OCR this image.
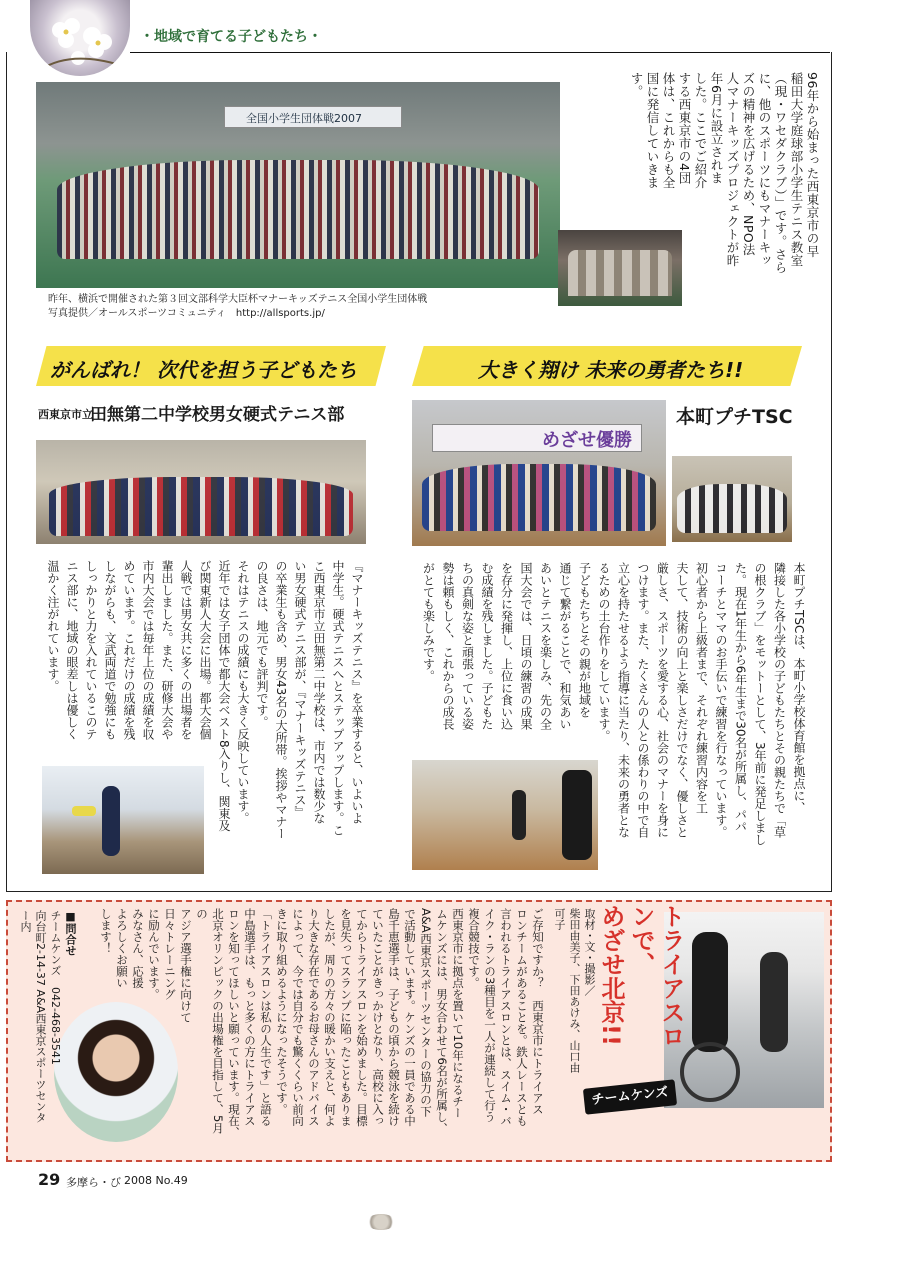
・地域で育てる子どもたち・
全国小学生団体戦2007
昨年、横浜で開催された第３回文部科学大臣杯マナーキッズテニス全国小学生団体戦
写真提供／オールスポーツコミュニティ　http://allsports.jp/
96年から始まった西東京市の早
稲田大学庭球部小学生テニス教室
（現・ワセダクラブ）」です。さら
に、他のスポーツにもマナーキッ
ズの精神を広げるため、NPO法
人マナーキッズプロジェクトが昨
年6月に設立されま
した。ここでご紹介
する西東京市の4団
体は、これからも全
国に発信していきま
す。
がんばれ！ 次代を担う子どもたち
西東京市立
田無第二中学校男女硬式テニス部
『マナーキッズテニス』を卒業すると、いよいよ
中学生。硬式テニスへとステップアップします。こ
こ西東京市立田無第二中学校は、市内では数少な
い男女硬式テニス部が、『マナーキッズテニス』
の卒業生も含め、男女43名の大所帯。挨拶やマナー
の良さは、地元でも評判です。
それはテニスの成績にも大きく反映しています。
近年では女子団体で都大会ベスト8入りし、関東及
び関東新人大会に出場。都大会個
人戦では男女共に多くの出場者を
輩出しました。また、研修大会や
市内大会では毎年上位の成績を収
めています。これだけの成績を残
しながらも、文武両道で勉強にも
しっかりと力を入れているこのテ
ニス部に、地域の眼差しは優しく
温かく注がれています。
大きく翔け 未来の勇者たち!!
めざせ優勝
本町プチTSC
本町プチTSCは、本町小学校体育館を拠点に、
隣接した各小学校の子どもたちとその親たちで「草
の根クラブ」をモットーとして、3年前に発足しまし
た。現在1年生から6年生まで30名が所属し、パパ
コーチとママのお手伝いで練習を行なっています。
初心者から上級者まで、それぞれ練習内容を工
夫して、技術の向上と楽しさだけでなく、優しさと
厳しさ、スポーツを愛する心、社会のマナーを身に
つけます。また、たくさんの人との係わりの中で自
立心を持たせるよう指導に当たり、未来の勇者とな
るための土台作りをしています。
子どもたちとその親が地域を
通じて繋がることで、和気あい
あいとテニスを楽しみ、先の全
国大会では、日頃の練習の成果
を存分に発揮し、上位に食い込
む成績を残しました。子どもた
ちの真剣な姿と頑張っている姿
勢は頼もしく、これからの成長
がとても楽しみです。
チームケンズ
トライアスロンで、
めざせ北京!!
取材・文・撮影／
柴田由美子、下田あけみ、山口由可子
ご存知ですか？　西東京市にトライアス
ロンチームがあることを。鉄人レースとも
言われるトライアスロンとは、スイム・バ
イク・ランの3種目を一人が連続して行う
複合競技です。
西東京市に拠点を置いて10年になるチー
ムケンズには、男女合わせて6名が所属し、
A&A西東京スポーツセンターの協力の下
で活動しています。ケンズの一員である中
島千恵選手は、子どもの頃から競泳を続け
ていたことがきっかけとなり、高校に入っ
てからトライアスロンを始めました。目標
を見失ってスランプに陥ったこともありま
したが、周りの方々の暖かい支えと、何よ
り大きな存在であるお母さんのアドバイス
によって、今では自分でも驚くくらい前向
きに取り組めるようになったそうです。
「トライアスロンは私の人生です」と語る
中島選手は、もっと多くの方にトライアス
ロンを知ってほしいと願っています。現在、
北京オリンピックの出場権を目指して、5月の
アジア選手権に向けて
日々トレーニング
に励んでいます。
みなさん、応援
よろしくお願い
します！
■問合せ
チームケンズ　042-468-3541
向台町2-14-37 A&A西東京スポーツセンター内
29 多摩ら・び 2008 No.49
